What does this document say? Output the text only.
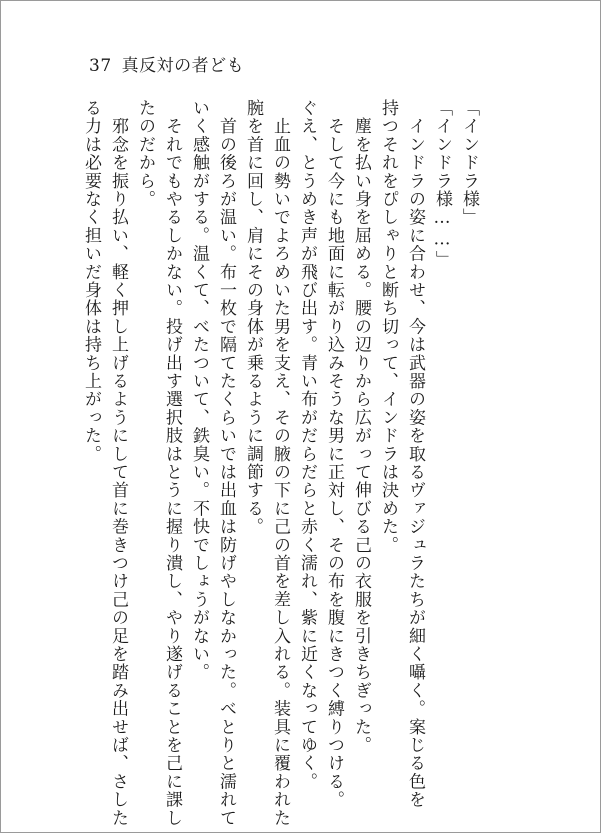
37 真反対の者ども
「インドラ様」
「インドラ様……」
　インドラの姿に合わせ、今は武器の姿を取るヴァジュラたちが細く囁く。案じる色を
持つそれをぴしゃりと断ち切って、インドラは決めた。
　塵を払い身を屈める。腰の辺りから広がって伸びる己の衣服を引きちぎった。
　そして今にも地面に転がり込みそうな男に正対し、その布を腹にきつく縛りつける。
ぐえ、とうめき声が飛び出す。青い布がだらだらと赤く濡れ、紫に近くなってゆく。
　止血の勢いでよろめいた男を支え、その腋の下に己の首を差し入れる。装具に覆われた
腕を首に回し、肩にその身体が乗るように調節する。
　首の後ろが温い。布一枚で隔てたくらいでは出血は防げやしなかった。べとりと濡れて
いく感触がする。温くて、べたついて、鉄臭い。不快でしょうがない。
　それでもやるしかない。投げ出す選択肢はとうに握り潰し、やり遂げることを己に課し
たのだから。
　邪念を振り払い、軽く押し上げるようにして首に巻きつけ己の足を踏み出せば、さした
る力は必要なく担いだ身体は持ち上がった。
